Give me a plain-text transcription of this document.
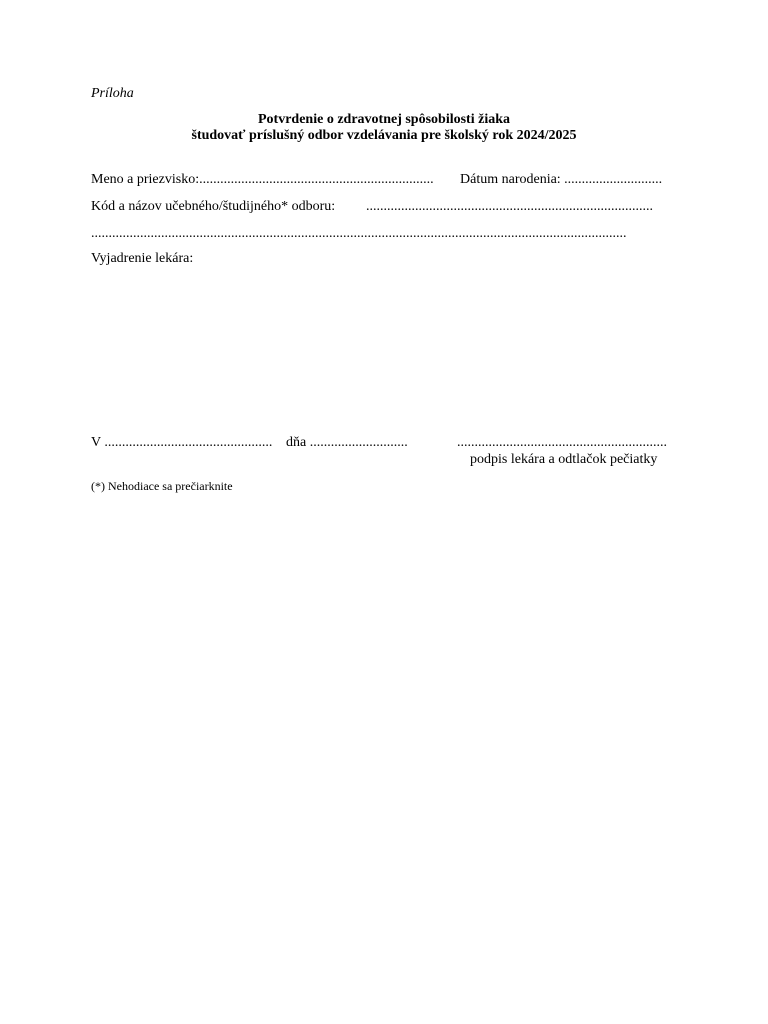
Príloha
Potvrdenie o zdravotnej spôsobilosti žiaka
študovať príslušný odbor vzdelávania pre školský rok 2024/2025
Meno a priezvisko:................................................................... Dátum narodenia: ............................
Kód a názov učebného/študijného* odboru: ..................................................................................
.........................................................................................................................................................
Vyjadrenie lekára:
V ................................................ dňa ............................	............................................................
podpis lekára a odtlačok pečiatky
(*) Nehodiace sa prečiarknite
